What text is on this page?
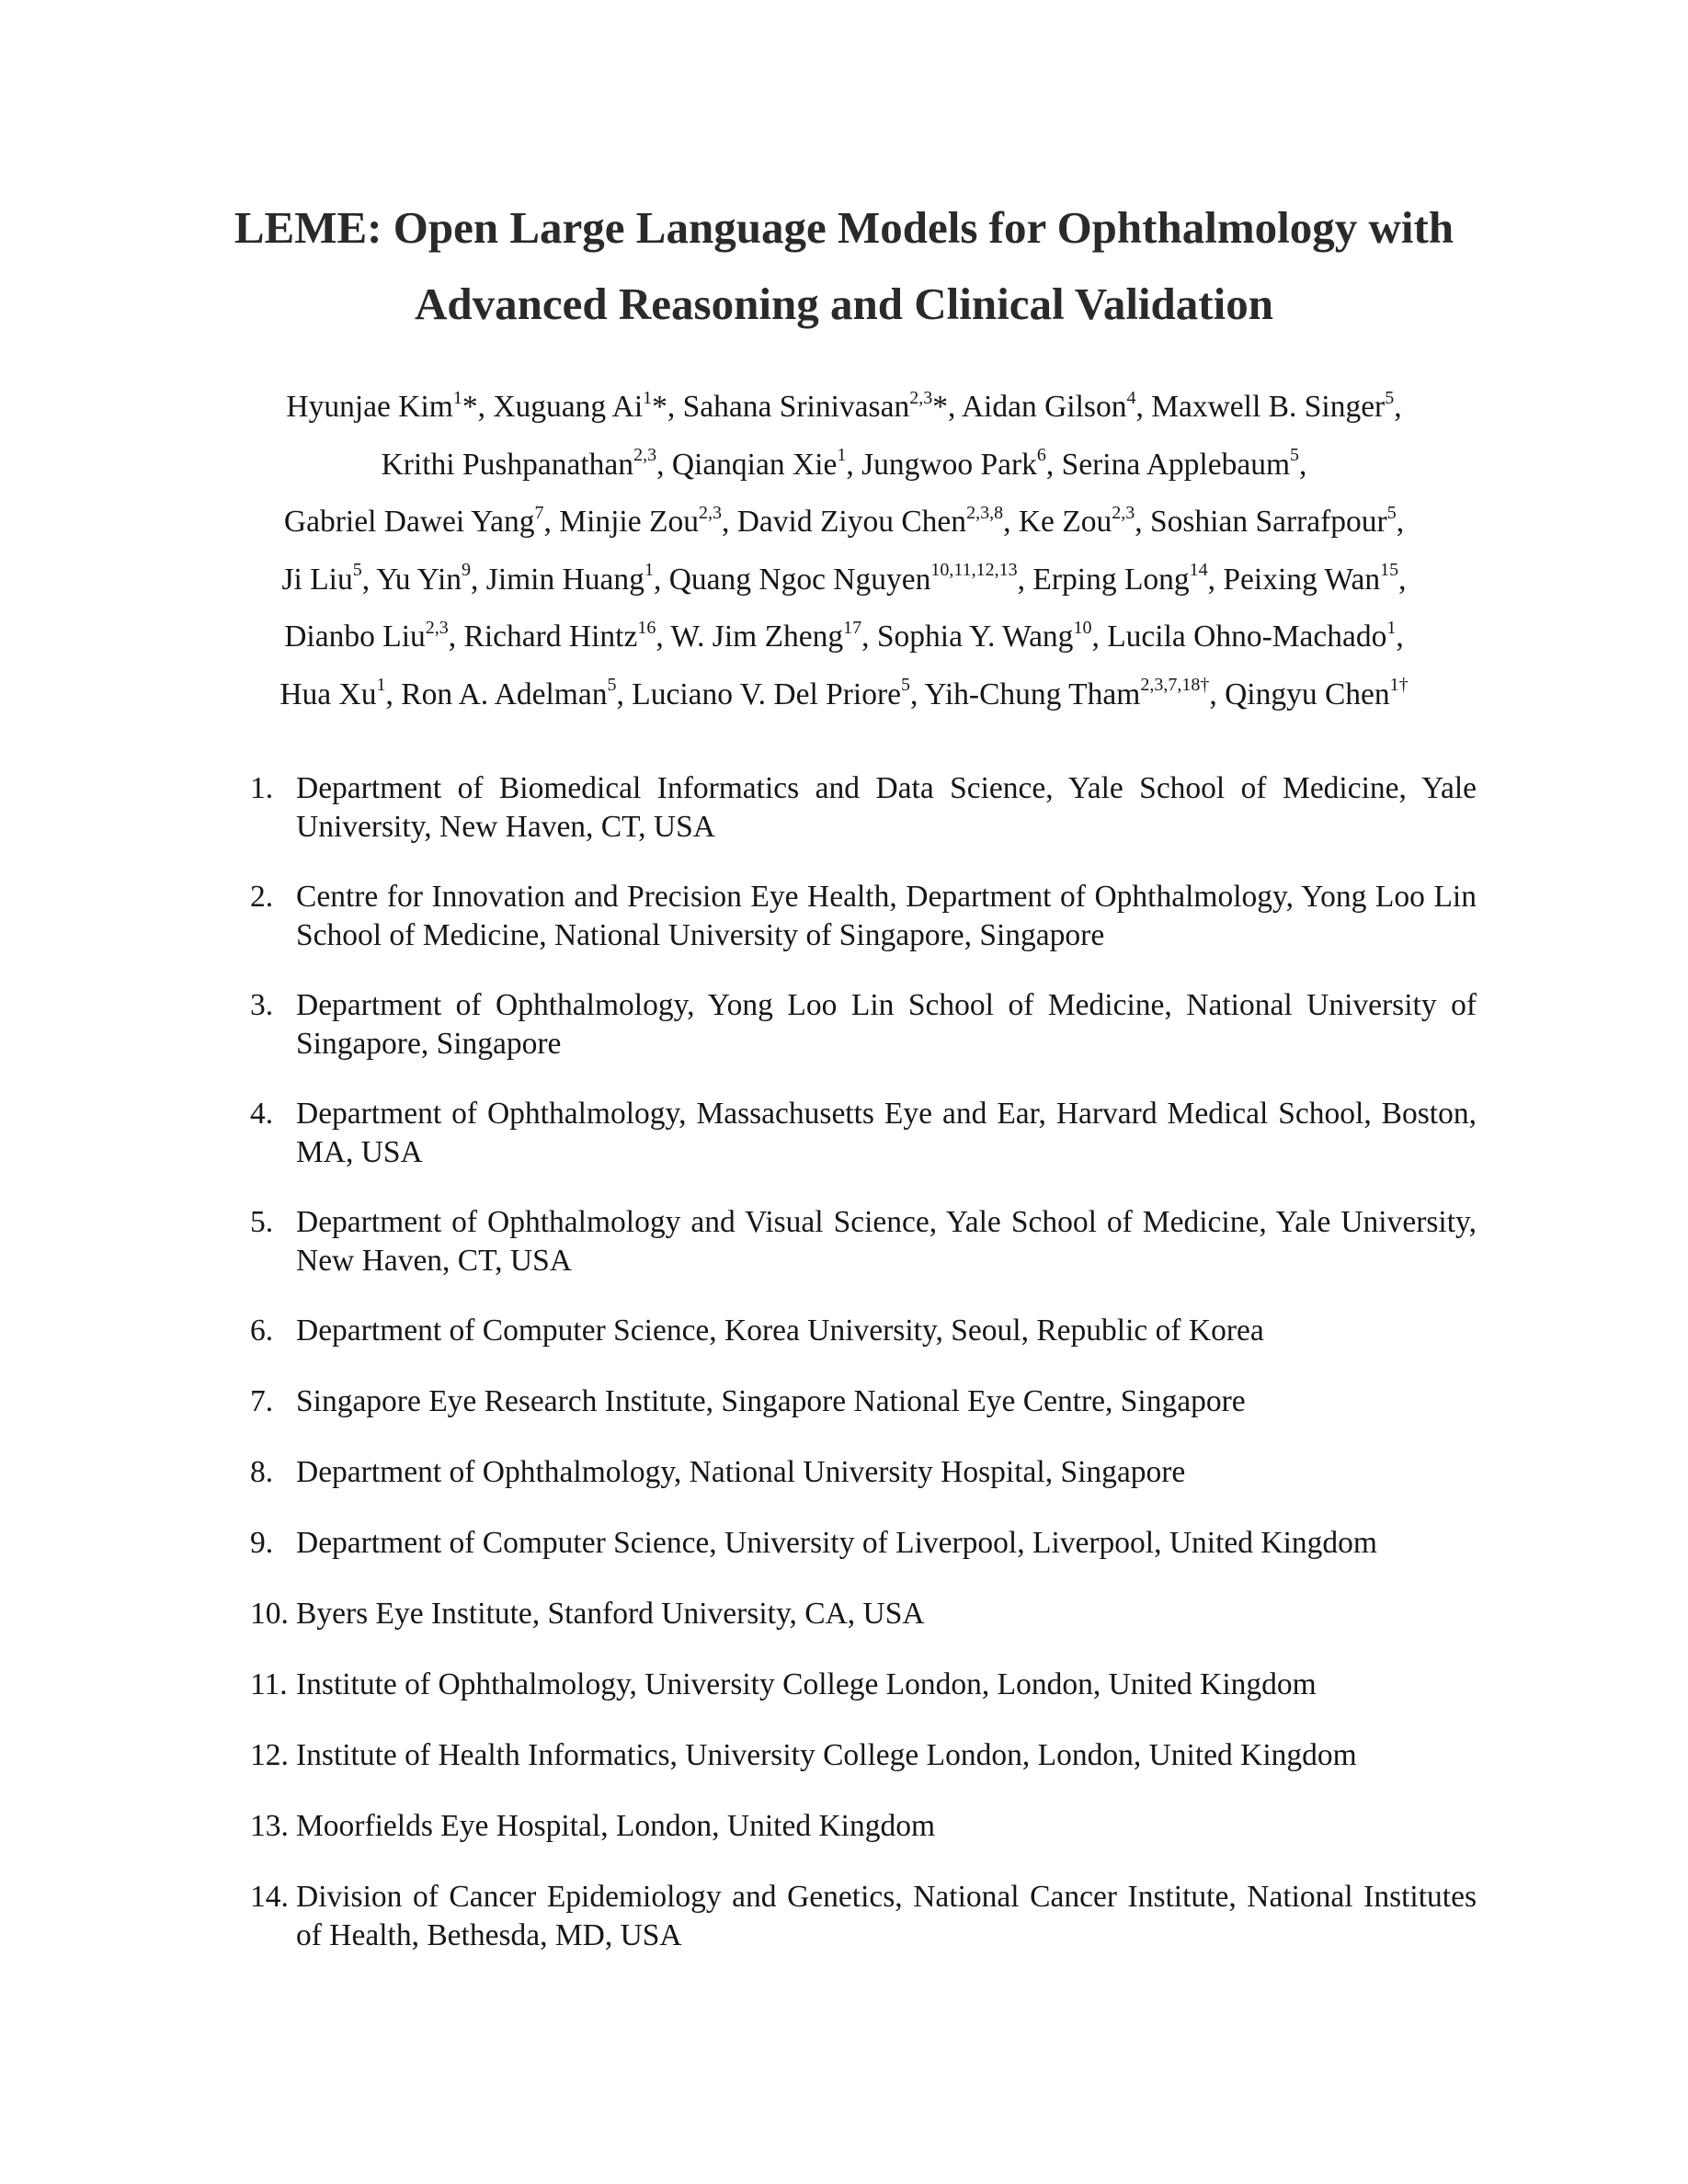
LEME: Open Large Language Models for Ophthalmology with
Advanced Reasoning and Clinical Validation
Hyunjae Kim$^1$*, Xuguang Ai$^1$*, Sahana Srinivasan$^{2,3}$*, Aidan Gilson$^4$, Maxwell B. Singer$^5$,
Krithi Pushpanathan$^{2,3}$, Qianqian Xie$^1$, Jungwoo Park$^6$, Serina Applebaum$^5$,
Gabriel Dawei Yang$^7$, Minjie Zou$^{2,3}$, David Ziyou Chen$^{2,3,8}$, Ke Zou$^{2,3}$, Soshian Sarrafpour$^5$,
Ji Liu$^5$, Yu Yin$^9$, Jimin Huang$^1$, Quang Ngoc Nguyen$^{10,11,12,13}$, Erping Long$^{14}$, Peixing Wan$^{15}$,
Dianbo Liu$^{2,3}$, Richard Hintz$^{16}$, W. Jim Zheng$^{17}$, Sophia Y. Wang$^{10}$, Lucila Ohno-Machado$^1$,
Hua Xu$^1$, Ron A. Adelman$^5$, Luciano V. Del Priore$^5$, Yih-Chung Tham$^{2,3,7,18\dagger}$, Qingyu Chen$^{1\dagger}$
1. Department of Biomedical Informatics and Data Science, Yale School of Medicine, Yale University, New Haven, CT, USA
2. Centre for Innovation and Precision Eye Health, Department of Ophthalmology, Yong Loo Lin School of Medicine, National University of Singapore, Singapore
3. Department of Ophthalmology, Yong Loo Lin School of Medicine, National University of Singapore, Singapore
4. Department of Ophthalmology, Massachusetts Eye and Ear, Harvard Medical School, Boston, MA, USA
5. Department of Ophthalmology and Visual Science, Yale School of Medicine, Yale University, New Haven, CT, USA
6. Department of Computer Science, Korea University, Seoul, Republic of Korea
7. Singapore Eye Research Institute, Singapore National Eye Centre, Singapore
8. Department of Ophthalmology, National University Hospital, Singapore
9. Department of Computer Science, University of Liverpool, Liverpool, United Kingdom
10. Byers Eye Institute, Stanford University, CA, USA
11. Institute of Ophthalmology, University College London, London, United Kingdom
12. Institute of Health Informatics, University College London, London, United Kingdom
13. Moorfields Eye Hospital, London, United Kingdom
14. Division of Cancer Epidemiology and Genetics, National Cancer Institute, National Institutes of Health, Bethesda, MD, USA
